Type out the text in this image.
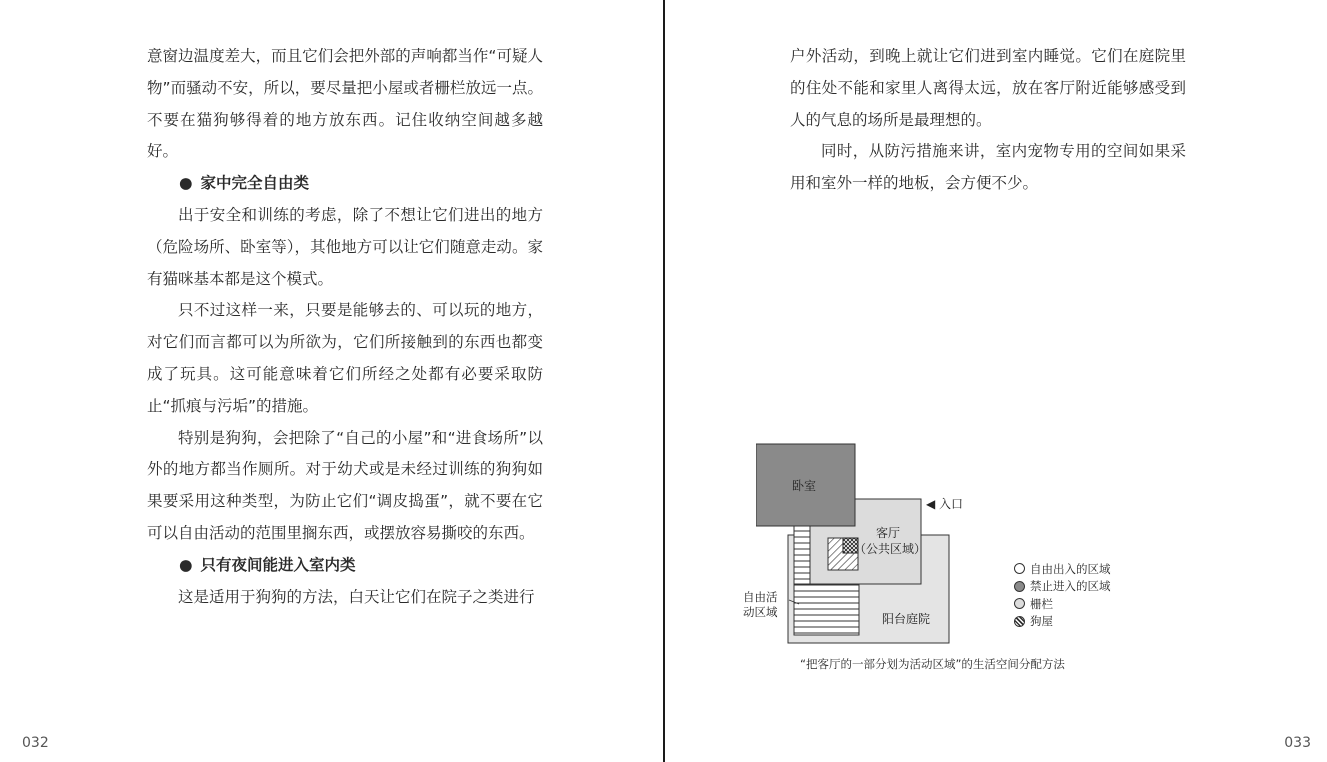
意窗边温度差大，而且它们会把外部的声响都当作“可疑人物”而骚动不安，所以，要尽量把小屋或者栅栏放远一点。不要在猫狗够得着的地方放东西。记住收纳空间越多越好。

● 家中完全自由类

出于安全和训练的考虑，除了不想让它们进出的地方（危险场所、卧室等），其他地方可以让它们随意走动。家有猫咪基本都是这个模式。

只不过这样一来，只要是能够去的、可以玩的地方，对它们而言都可以为所欲为，它们所接触到的东西也都变成了玩具。这可能意味着它们所经之处都有必要采取防止“抓痕与污垢”的措施。

特别是狗狗，会把除了“自己的小屋”和“进食场所”以外的地方都当作厕所。对于幼犬或是未经过训练的狗狗如果要采用这种类型，为防止它们“调皮捣蛋”，就不要在它可以自由活动的范围里搁东西，或摆放容易撕咬的东西。

● 只有夜间能进入室内类

这是适用于狗狗的方法，白天让它们在院子之类进行

032

户外活动，到晚上就让它们进到室内睡觉。它们在庭院里的住处不能和家里人离得太远，放在客厅附近能够感受到人的气息的场所是最理想的。

同时，从防污措施来讲，室内宠物专用的空间如果采用和室外一样的地板，会方便不少。

卧室
客厅
（公共区域）
◀ 入口
自由活
动区域	阳台庭院
自由出入的区域
禁止进入的区域
栅栏
狗屋
“把客厅的一部分划为活动区域”的生活空间分配方法
033
